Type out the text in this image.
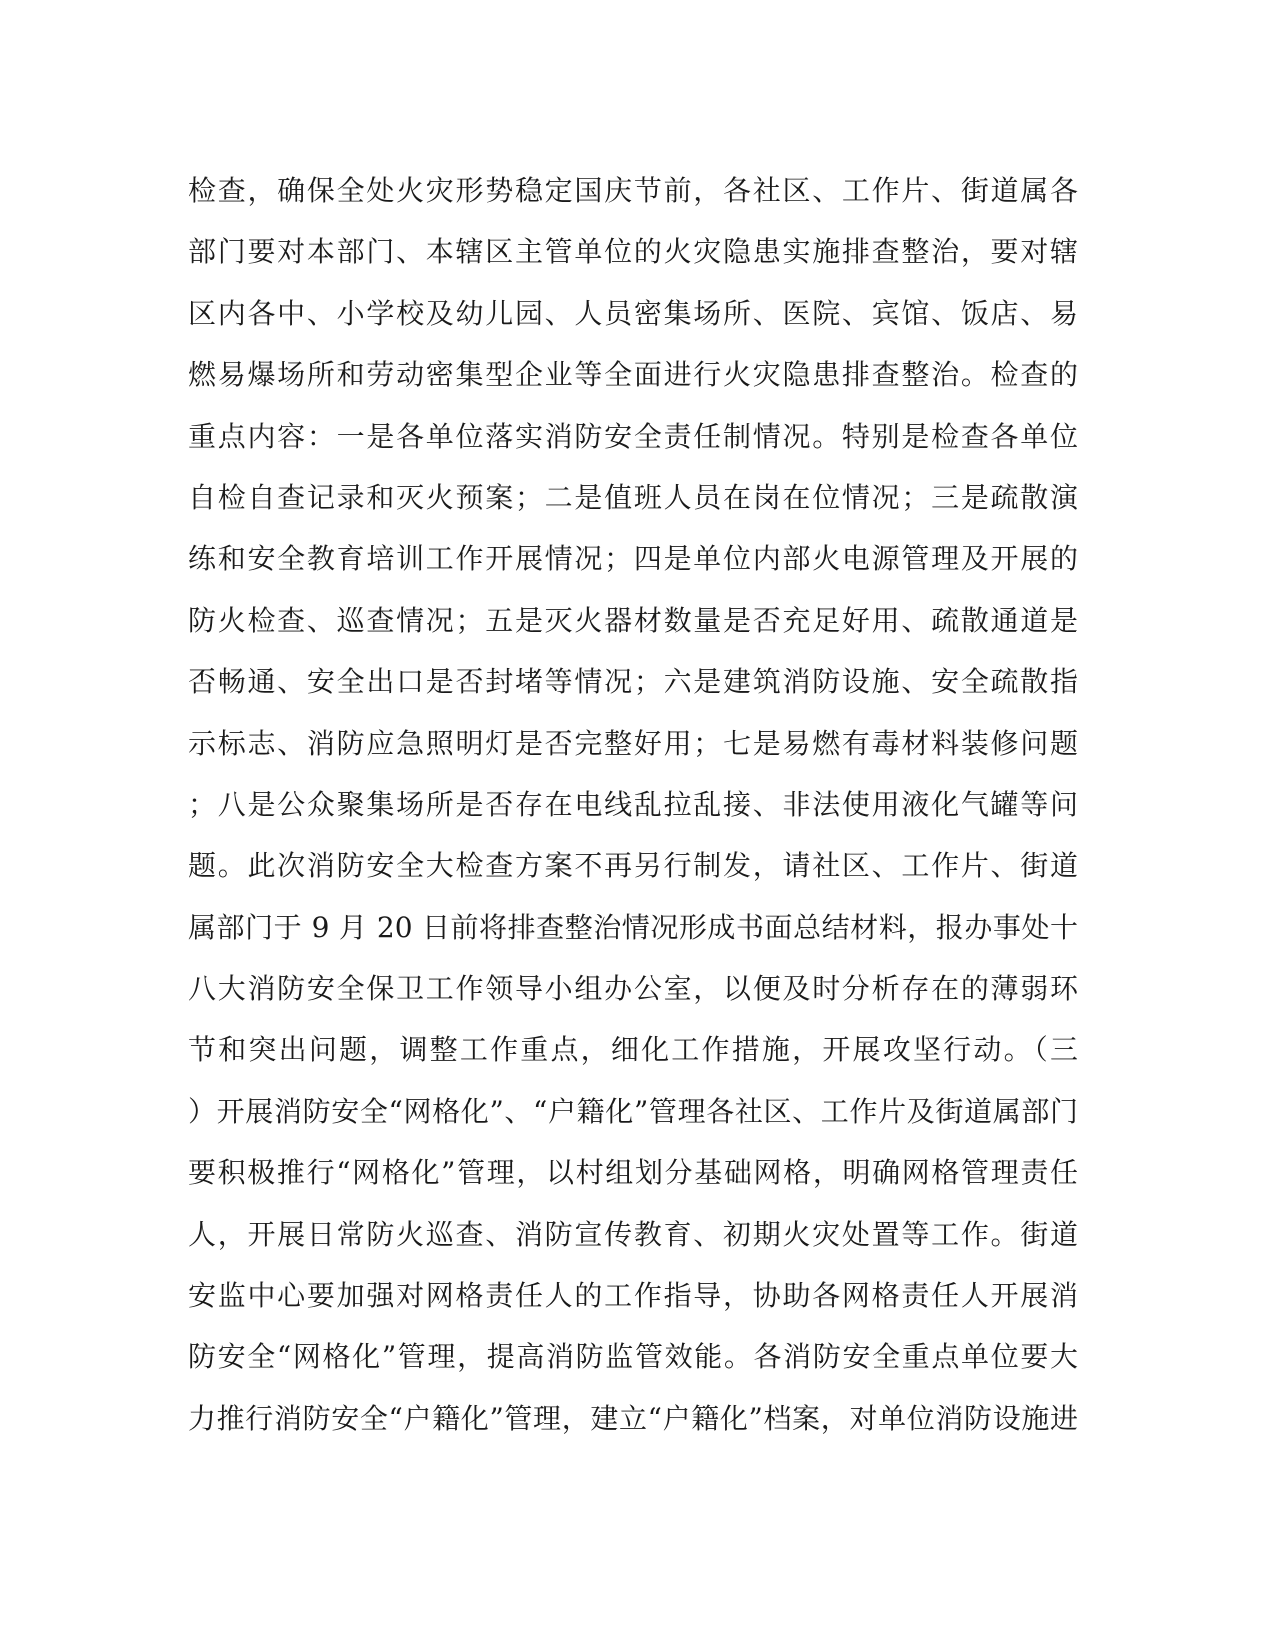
检查，确保全处火灾形势稳定国庆节前，各社区、工作片、街道属各
部门要对本部门、本辖区主管单位的火灾隐患实施排查整治，要对辖
区内各中、小学校及幼儿园、人员密集场所、医院、宾馆、饭店、易
燃易爆场所和劳动密集型企业等全面进行火灾隐患排查整治。检查的
重点内容：一是各单位落实消防安全责任制情况。特别是检查各单位
自检自查记录和灭火预案；二是值班人员在岗在位情况；三是疏散演
练和安全教育培训工作开展情况；四是单位内部火电源管理及开展的
防火检查、巡查情况；五是灭火器材数量是否充足好用、疏散通道是
否畅通、安全出口是否封堵等情况；六是建筑消防设施、安全疏散指
示标志、消防应急照明灯是否完整好用；七是易燃有毒材料装修问题
；八是公众聚集场所是否存在电线乱拉乱接、非法使用液化气罐等问
题。此次消防安全大检查方案不再另行制发，请社区、工作片、街道
属部门于 9 月 20 日前将排查整治情况形成书面总结材料，报办事处十
八大消防安全保卫工作领导小组办公室，以便及时分析存在的薄弱环
节和突出问题，调整工作重点，细化工作措施，开展攻坚行动。（三
）开展消防安全“网格化”、“户籍化”管理各社区、工作片及街道属部门
要积极推行“网格化”管理，以村组划分基础网格，明确网格管理责任
人，开展日常防火巡查、消防宣传教育、初期火灾处置等工作。街道
安监中心要加强对网格责任人的工作指导，协助各网格责任人开展消
防安全“网格化”管理，提高消防监管效能。各消防安全重点单位要大
力推行消防安全“户籍化”管理，建立“户籍化”档案，对单位消防设施进
